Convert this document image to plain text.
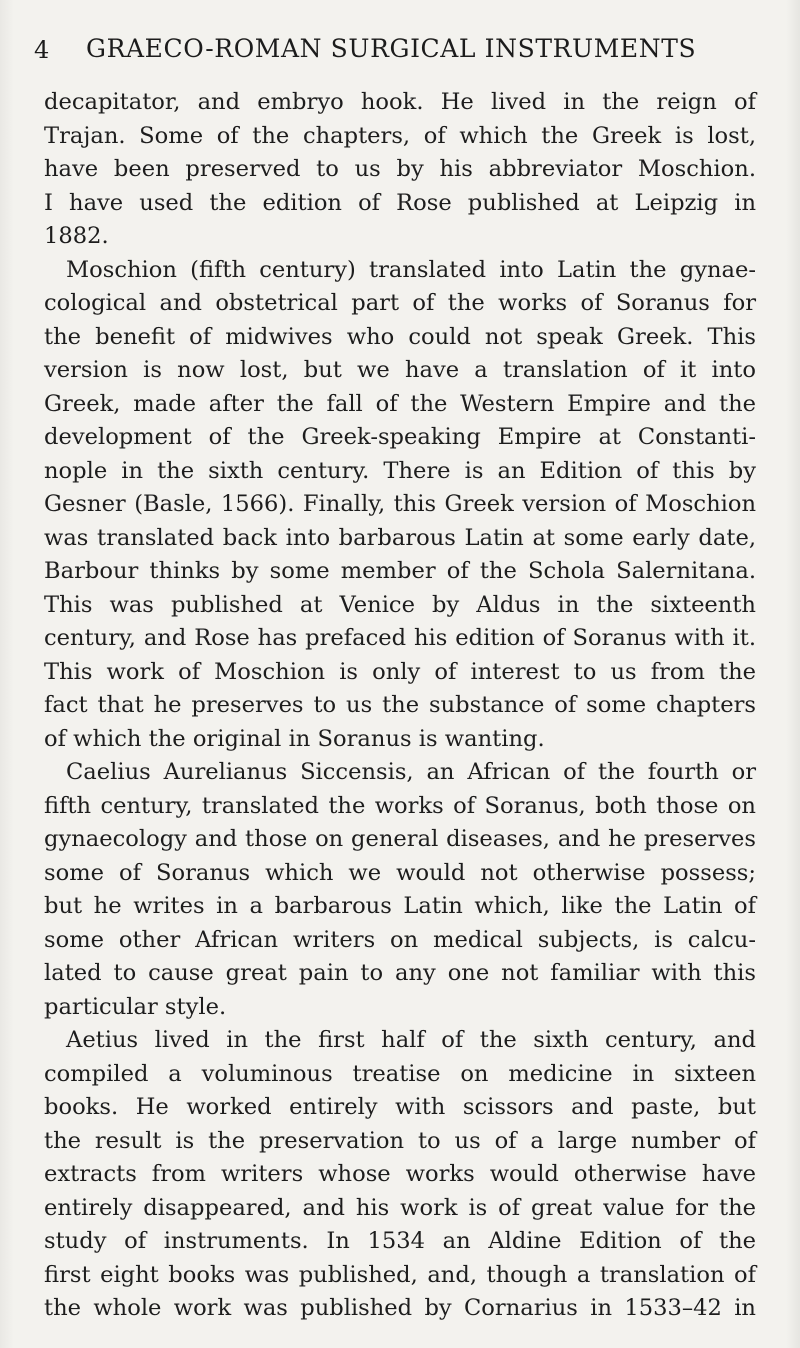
4 GRAECO-ROMAN SURGICAL INSTRUMENTS
decapitator, and embryo hook. He lived in the reign of
Trajan. Some of the chapters, of which the Greek is lost,
have been preserved to us by his abbreviator Moschion.
I have used the edition of Rose published at Leipzig in
1882.
Moschion (fifth century) translated into Latin the gynae-
cological and obstetrical part of the works of Soranus for
the benefit of midwives who could not speak Greek. This
version is now lost, but we have a translation of it into
Greek, made after the fall of the Western Empire and the
development of the Greek-speaking Empire at Constanti-
nople in the sixth century. There is an Edition of this by
Gesner (Basle, 1566). Finally, this Greek version of Moschion
was translated back into barbarous Latin at some early date,
Barbour thinks by some member of the Schola Salernitana.
This was published at Venice by Aldus in the sixteenth
century, and Rose has prefaced his edition of Soranus with it.
This work of Moschion is only of interest to us from the
fact that he preserves to us the substance of some chapters
of which the original in Soranus is wanting.
Caelius Aurelianus Siccensis, an African of the fourth or
fifth century, translated the works of Soranus, both those on
gynaecology and those on general diseases, and he preserves
some of Soranus which we would not otherwise possess;
but he writes in a barbarous Latin which, like the Latin of
some other African writers on medical subjects, is calcu-
lated to cause great pain to any one not familiar with this
particular style.
Aetius lived in the first half of the sixth century, and
compiled a voluminous treatise on medicine in sixteen
books. He worked entirely with scissors and paste, but
the result is the preservation to us of a large number of
extracts from writers whose works would otherwise have
entirely disappeared, and his work is of great value for the
study of instruments. In 1534 an Aldine Edition of the
first eight books was published, and, though a translation of
the whole work was published by Cornarius in 1533–42 in
